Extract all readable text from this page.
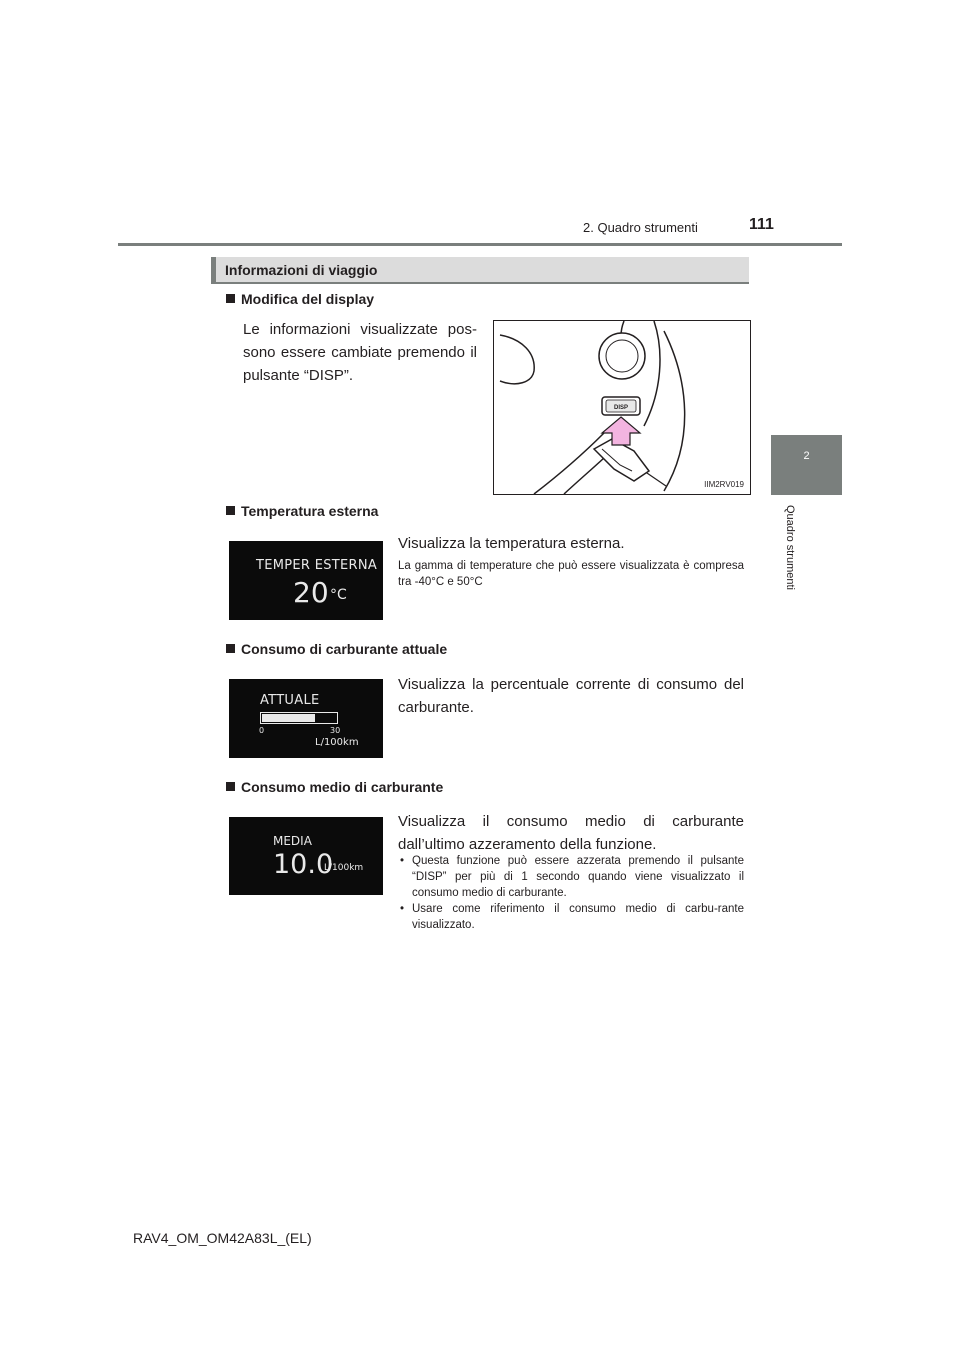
2. Quadro strumenti	111
2
Quadro strumenti
Informazioni di viaggio
Modifica del display
Le informazioni visualizzate pos-sono essere cambiate premendo il pulsante “DISP”.
DISP
IIM2RV019
Temperatura esterna
TEMPER ESTERNA
20 °C
Visualizza la temperatura esterna.
La gamma di temperature che può essere visualizzata è compresa tra -40°C e 50°C
Consumo di carburante attuale
ATTUALE
0	30
L/100km
Visualizza la percentuale corrente di consumo del carburante.
Consumo medio di carburante
MEDIA
10.0
L/100km
Visualizza il consumo medio di carburante dall’ultimo azzeramento della funzione.
• Questa funzione può essere azzerata premendo il pulsante “DISP” per più di 1 secondo quando viene visualizzato il consumo medio di carburante.
• Usare come riferimento il consumo medio di carbu-rante visualizzato.
RAV4_OM_OM42A83L_(EL)
